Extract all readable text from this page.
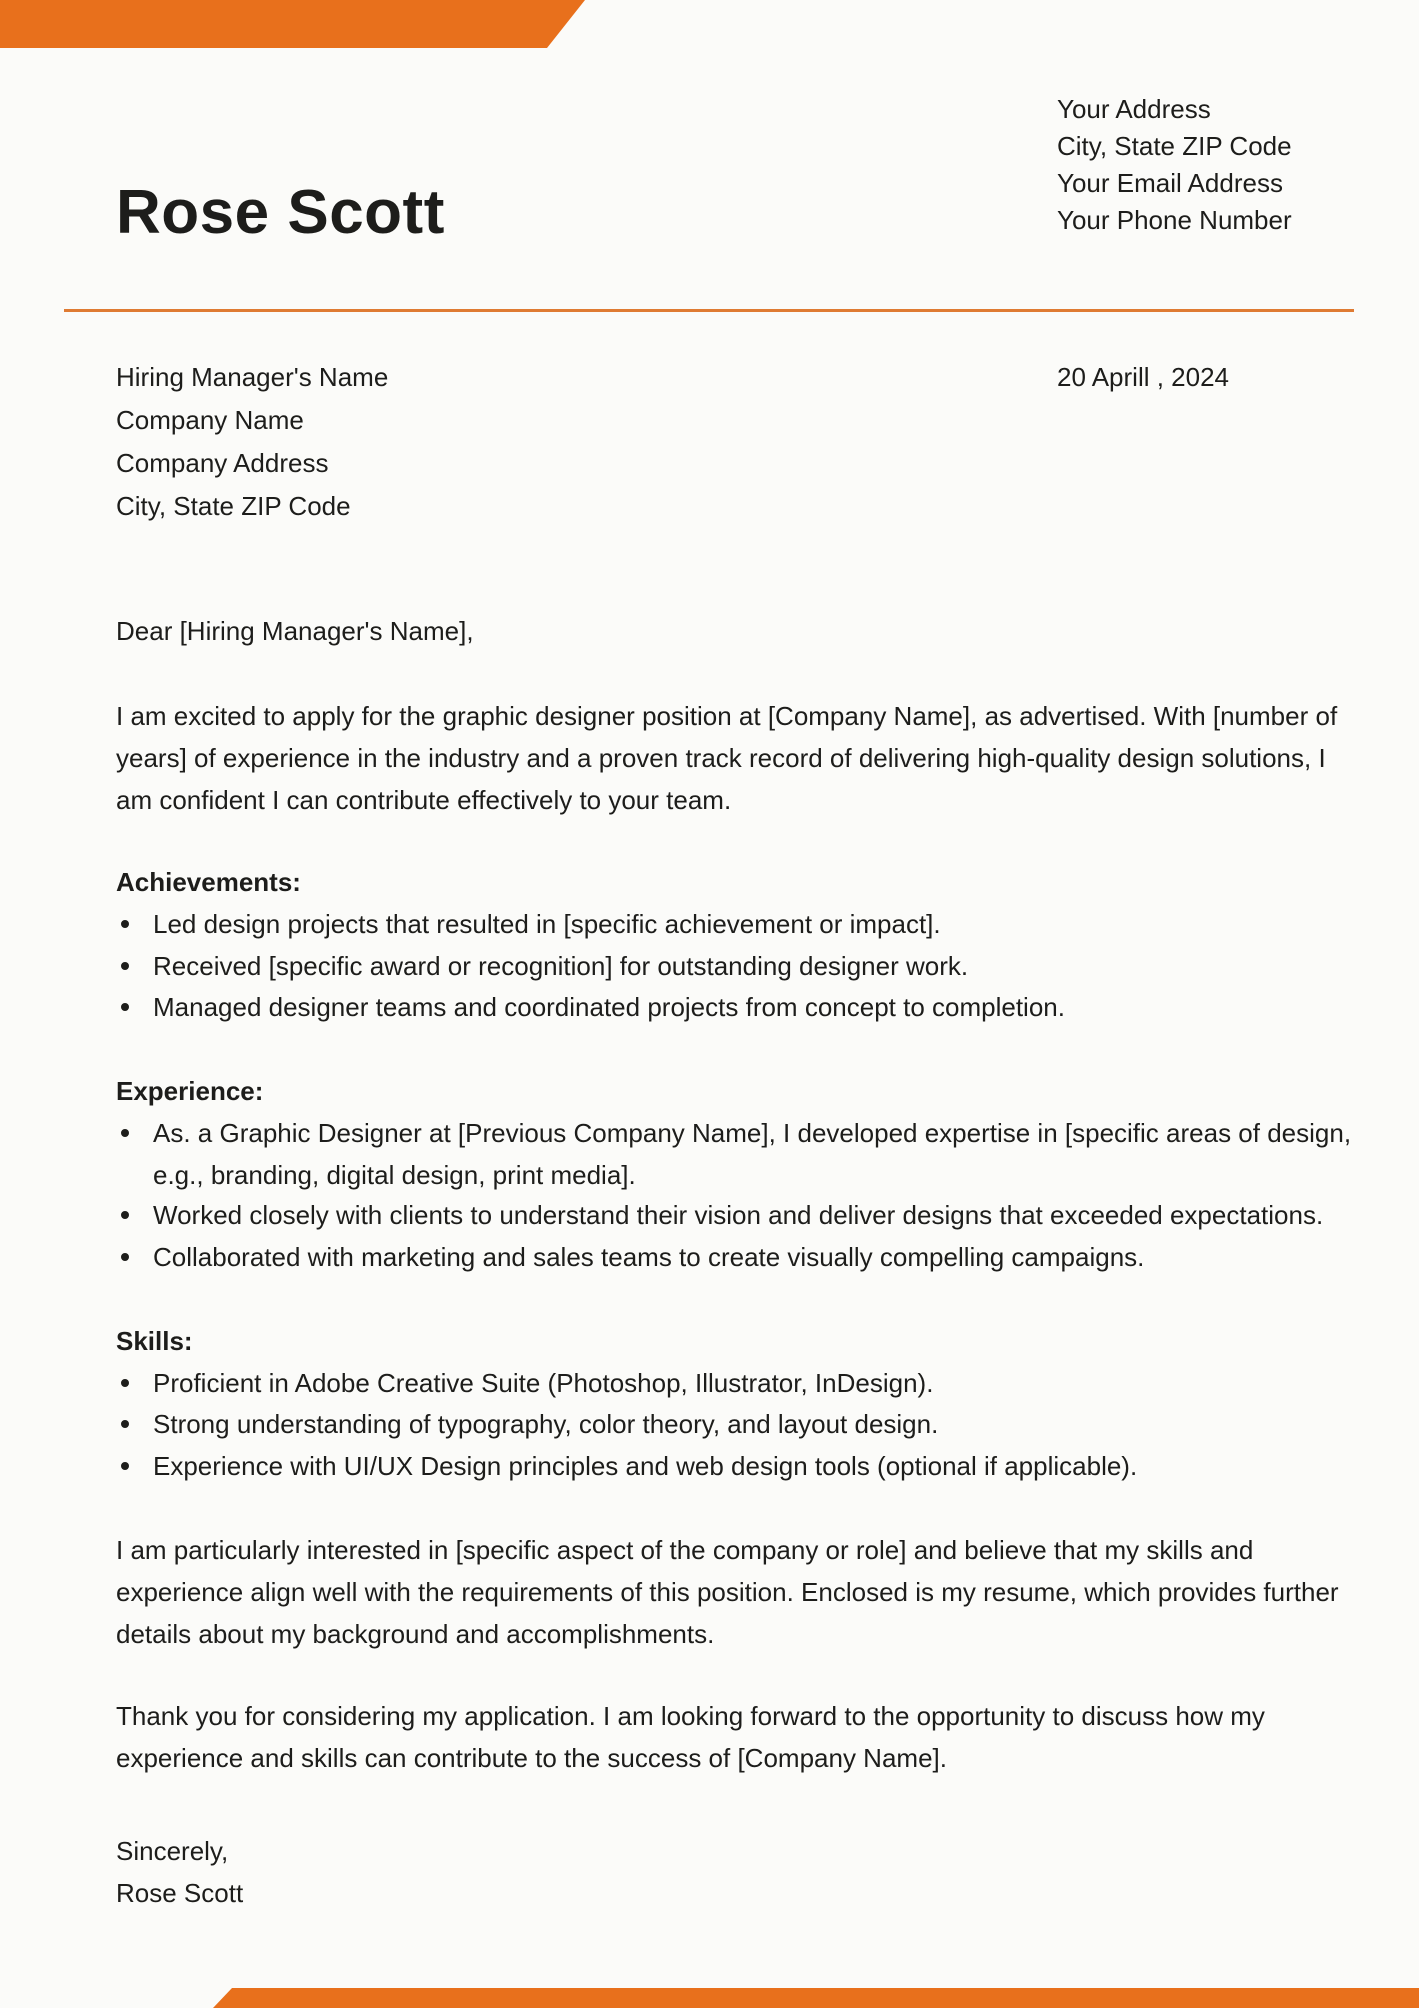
Rose Scott
Your Address
City, State ZIP Code
Your Email Address
Your Phone Number
Hiring Manager's Name
Company Name
Company Address
City, State ZIP Code
20 Aprill , 2024
Dear [Hiring Manager's Name],
I am excited to apply for the graphic designer position at [Company Name], as advertised. With [number of years] of experience in the industry and a proven track record of delivering high-quality design solutions, I am confident I can contribute effectively to your team.
Achievements:
Led design projects that resulted in [specific achievement or impact].
Received [specific award or recognition] for outstanding designer work.
Managed designer teams and coordinated projects from concept to completion.
Experience:
As. a Graphic Designer at [Previous Company Name], I developed expertise in [specific areas of design, e.g., branding, digital design, print media].
Worked closely with clients to understand their vision and deliver designs that exceeded expectations.
Collaborated with marketing and sales teams to create visually compelling campaigns.
Skills:
Proficient in Adobe Creative Suite (Photoshop, Illustrator, InDesign).
Strong understanding of typography, color theory, and layout design.
Experience with UI/UX Design principles and web design tools (optional if applicable).
I am particularly interested in [specific aspect of the company or role] and believe that my skills and experience align well with the requirements of this position. Enclosed is my resume, which provides further details about my background and accomplishments.
Thank you for considering my application. I am looking forward to the opportunity to discuss how my experience and skills can contribute to the success of [Company Name].
Sincerely,
Rose Scott
